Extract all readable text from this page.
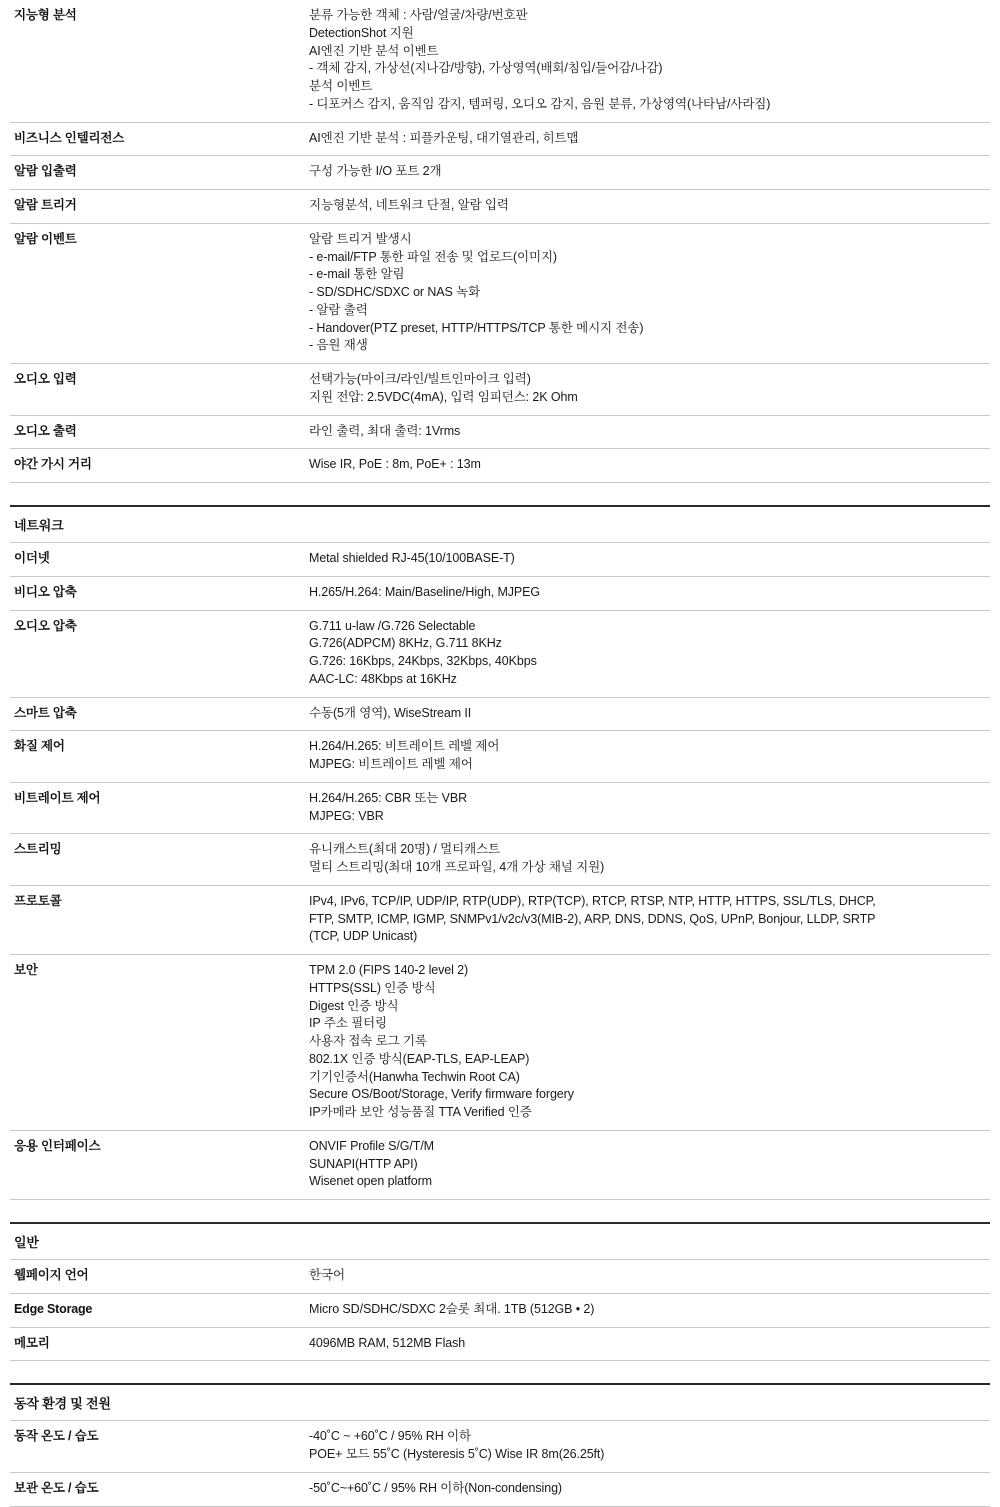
지능형 분석	분류 가능한 객체 : 사람/얼굴/차량/번호판
DetectionShot 지원
AI엔진 기반 분석 이벤트
- 객체 감지, 가상선(지나감/방향), 가상영역(배회/침입/들어감/나감)
분석 이벤트
- 디포커스 감지, 움직임 감지, 템퍼링, 오디오 감지, 음원 분류, 가상영역(나타남/사라짐)

비즈니스 인텔리전스	AI엔진 기반 분석 : 피플카운팅, 대기열관리, 히트맵

알람 입출력	구성 가능한 I/O 포트 2개

알람 트리거	지능형분석, 네트워크 단절, 알람 입력

알람 이벤트	알람 트리거 발생시
- e-mail/FTP 통한 파일 전송 및 업로드(이미지)
- e-mail 통한 알림
- SD/SDHC/SDXC or NAS 녹화
- 알람 출력
- Handover(PTZ preset, HTTP/HTTPS/TCP 통한 메시지 전송)
- 음원 재생

오디오 입력	선택가능(마이크/라인/빌트인마이크 입력)
지원 전압: 2.5VDC(4mA), 입력 임피던스: 2K Ohm

오디오 출력	라인 출력, 최대 출력: 1Vrms

야간 가시 거리	Wise IR, PoE : 8m, PoE+ : 13m

네트워크	
이더넷	Metal shielded RJ-45(10/100BASE-T)

비디오 압축	H.265/H.264: Main/Baseline/High, MJPEG

오디오 압축	G.711 u-law /G.726 Selectable
G.726(ADPCM) 8KHz, G.711 8KHz
G.726: 16Kbps, 24Kbps, 32Kbps, 40Kbps
AAC-LC: 48Kbps at 16KHz

스마트 압축	수동(5개 영역), WiseStream II

화질 제어	H.264/H.265: 비트레이트 레벨 제어
MJPEG: 비트레이트 레벨 제어

비트레이트 제어	H.264/H.265: CBR 또는 VBR
MJPEG: VBR

스트리밍	유니캐스트(최대 20명) / 멀티캐스트
멀티 스트리밍(최대 10개 프로파일, 4개 가상 채널 지원)

프로토콜	IPv4, IPv6, TCP/IP, UDP/IP, RTP(UDP), RTP(TCP), RTCP, RTSP, NTP, HTTP, HTTPS, SSL/TLS, DHCP,
FTP, SMTP, ICMP, IGMP, SNMPv1/v2c/v3(MIB-2), ARP, DNS, DDNS, QoS, UPnP, Bonjour, LLDP, SRTP
(TCP, UDP Unicast)

보안	TPM 2.0 (FIPS 140-2 level 2)
HTTPS(SSL) 인증 방식
Digest 인증 방식
IP 주소 필터링
사용자 접속 로그 기록
802.1X 인증 방식(EAP-TLS, EAP-LEAP)
기기인증서(Hanwha Techwin Root CA)
Secure OS/Boot/Storage, Verify firmware forgery
IP카메라 보안 성능품질 TTA Verified 인증

응용 인터페이스	ONVIF Profile S/G/T/M
SUNAPI(HTTP API)
Wisenet open platform

일반	
웹페이지 언어	한국어

Edge Storage	Micro SD/SDHC/SDXC 2슬롯 최대. 1TB (512GB • 2)

메모리	4096MB RAM, 512MB Flash

동작 환경 및 전원	
동작 온도 / 습도	-40˚C ~ +60˚C / 95% RH 이하
POE+ 모드 55˚C (Hysteresis 5˚C) Wise IR 8m(26.25ft)

보관 온도 / 습도	-50˚C~+60˚C / 95% RH 이하(Non-condensing)
